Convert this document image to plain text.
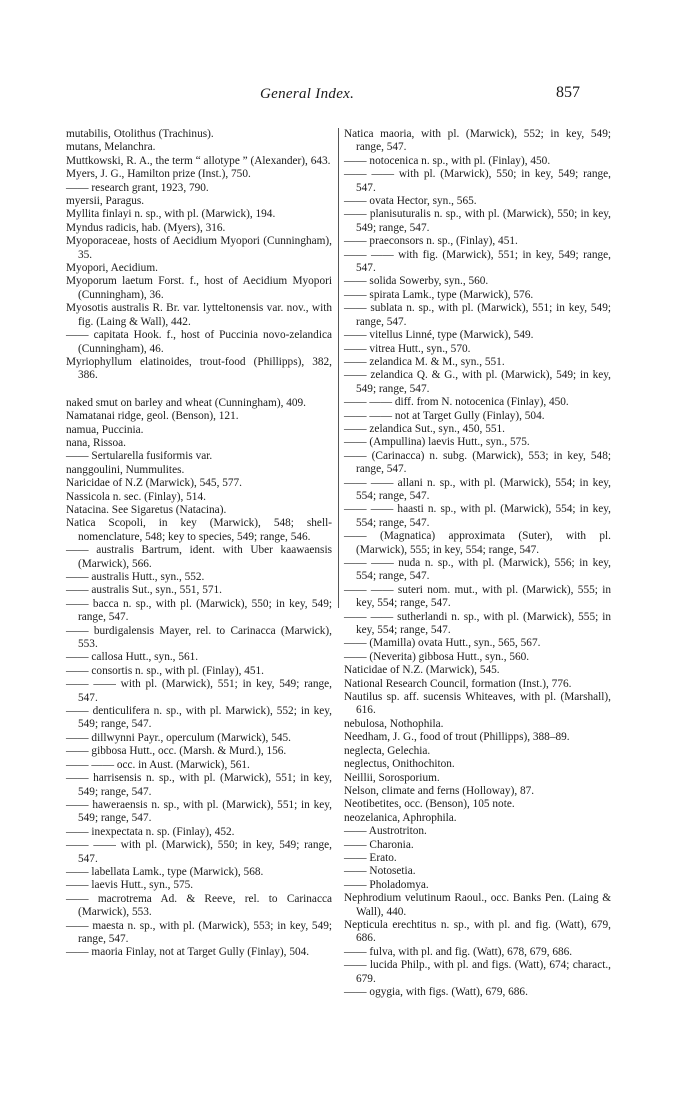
General Index.	857
mutabilis, Otolithus (Trachinus).
mutans, Melanchra.
Muttkowski, R. A., the term “ allotype ” (Alexander), 643.
Myers, J. G., Hamilton prize (Inst.), 750.
—— research grant, 1923, 790.
myersii, Paragus.
Myllita finlayi n. sp., with pl. (Marwick), 194.
Myndus radicis, hab. (Myers), 316.
Myoporaceae, hosts of Aecidium Myopori (Cunningham), 35.
Myopori, Aecidium.
Myoporum laetum Forst. f., host of Aecidium Myopori (Cunningham), 36.
Myosotis australis R. Br. var. lytteltonensis var. nov., with fig. (Laing & Wall), 442.
—— capitata Hook. f., host of Puccinia novo-zelandica (Cunningham), 46.
Myriophyllum elatinoides, trout-food (Phillipps), 382, 386.
naked smut on barley and wheat (Cunningham), 409.
Namatanai ridge, geol. (Benson), 121.
namua, Puccinia.
nana, Rissoa.
—— Sertularella fusiformis var.
nanggoulini, Nummulites.
Naricidae of N.Z (Marwick), 545, 577.
Nassicola n. sec. (Finlay), 514.
Natacina. See Sigaretus (Natacina).
Natica Scopoli, in key (Marwick), 548; shell-nomenclature, 548; key to species, 549; range, 546.
—— australis Bartrum, ident. with Uber kaawaensis (Marwick), 566.
—— australis Hutt., syn., 552.
—— australis Sut., syn., 551, 571.
—— bacca n. sp., with pl. (Marwick), 550; in key, 549; range, 547.
—— burdigalensis Mayer, rel. to Carinacca (Marwick), 553.
—— callosa Hutt., syn., 561.
—— consortis n. sp., with pl. (Finlay), 451.
—— —— with pl. (Marwick), 551; in key, 549; range, 547.
—— denticulifera n. sp., with pl. Marwick), 552; in key, 549; range, 547.
—— dillwynni Payr., operculum (Marwick), 545.
—— gibbosa Hutt., occ. (Marsh. & Murd.), 156.
—— —— occ. in Aust. (Marwick), 561.
—— harrisensis n. sp., with pl. (Marwick), 551; in key, 549; range, 547.
—— haweraensis n. sp., with pl. (Marwick), 551; in key, 549; range, 547.
—— inexpectata n. sp. (Finlay), 452.
—— —— with pl. (Marwick), 550; in key, 549; range, 547.
—— labellata Lamk., type (Marwick), 568.
—— laevis Hutt., syn., 575.
—— macrotrema Ad. & Reeve, rel. to Carinacca (Marwick), 553.
—— maesta n. sp., with pl. (Marwick), 553; in key, 549; range, 547.
—— maoria Finlay, not at Target Gully (Finlay), 504.
Natica maoria, with pl. (Marwick), 552; in key, 549; range, 547.
—— notocenica n. sp., with pl. (Finlay), 450.
—— —— with pl. (Marwick), 550; in key, 549; range, 547.
—— ovata Hector, syn., 565.
—— planisuturalis n. sp., with pl. (Marwick), 550; in key, 549; range, 547.
—— praeconsors n. sp., (Finlay), 451.
—— —— with fig. (Marwick), 551; in key, 549; range, 547.
—— solida Sowerby, syn., 560.
—— spirata Lamk., type (Marwick), 576.
—— sublata n. sp., with pl. (Marwick), 551; in key, 549; range, 547.
—— vitellus Linné, type (Marwick), 549.
—— vitrea Hutt., syn., 570.
—— zelandica M. & M., syn., 551.
—— zelandica Q. & G., with pl. (Marwick), 549; in key, 549; range, 547.
—— —— diff. from N. notocenica (Finlay), 450.
—— —— not at Target Gully (Finlay), 504.
—— zelandica Sut., syn., 450, 551.
—— (Ampullina) laevis Hutt., syn., 575.
—— (Carinacca) n. subg. (Marwick), 553; in key, 548; range, 547.
—— —— allani n. sp., with pl. (Marwick), 554; in key, 554; range, 547.
—— —— haasti n. sp., with pl. (Marwick), 554; in key, 554; range, 547.
—— (Magnatica) approximata (Suter), with pl. (Marwick), 555; in key, 554; range, 547.
—— —— nuda n. sp., with pl. (Marwick), 556; in key, 554; range, 547.
—— —— suteri nom. mut., with pl. (Marwick), 555; in key, 554; range, 547.
—— —— sutherlandi n. sp., with pl. (Marwick), 555; in key, 554; range, 547.
—— (Mamilla) ovata Hutt., syn., 565, 567.
—— (Neverita) gibbosa Hutt., syn., 560.
Naticidae of N.Z. (Marwick), 545.
National Research Council, formation (Inst.), 776.
Nautilus sp. aff. sucensis Whiteaves, with pl. (Marshall), 616.
nebulosa, Nothophila.
Needham, J. G., food of trout (Phillipps), 388–89.
neglecta, Gelechia.
neglectus, Onithochiton.
Neillii, Sorosporium.
Nelson, climate and ferns (Holloway), 87.
Neotibetites, occ. (Benson), 105 note.
neozelanica, Aphrophila.
—— Austrotriton.
—— Charonia.
—— Erato.
—— Notosetia.
—— Pholadomya.
Nephrodium velutinum Raoul., occ. Banks Pen. (Laing & Wall), 440.
Nepticula erechtitus n. sp., with pl. and fig. (Watt), 679, 686.
—— fulva, with pl. and fig. (Watt), 678, 679, 686.
—— lucida Philp., with pl. and figs. (Watt), 674; charact., 679.
—— ogygia, with figs. (Watt), 679, 686.
